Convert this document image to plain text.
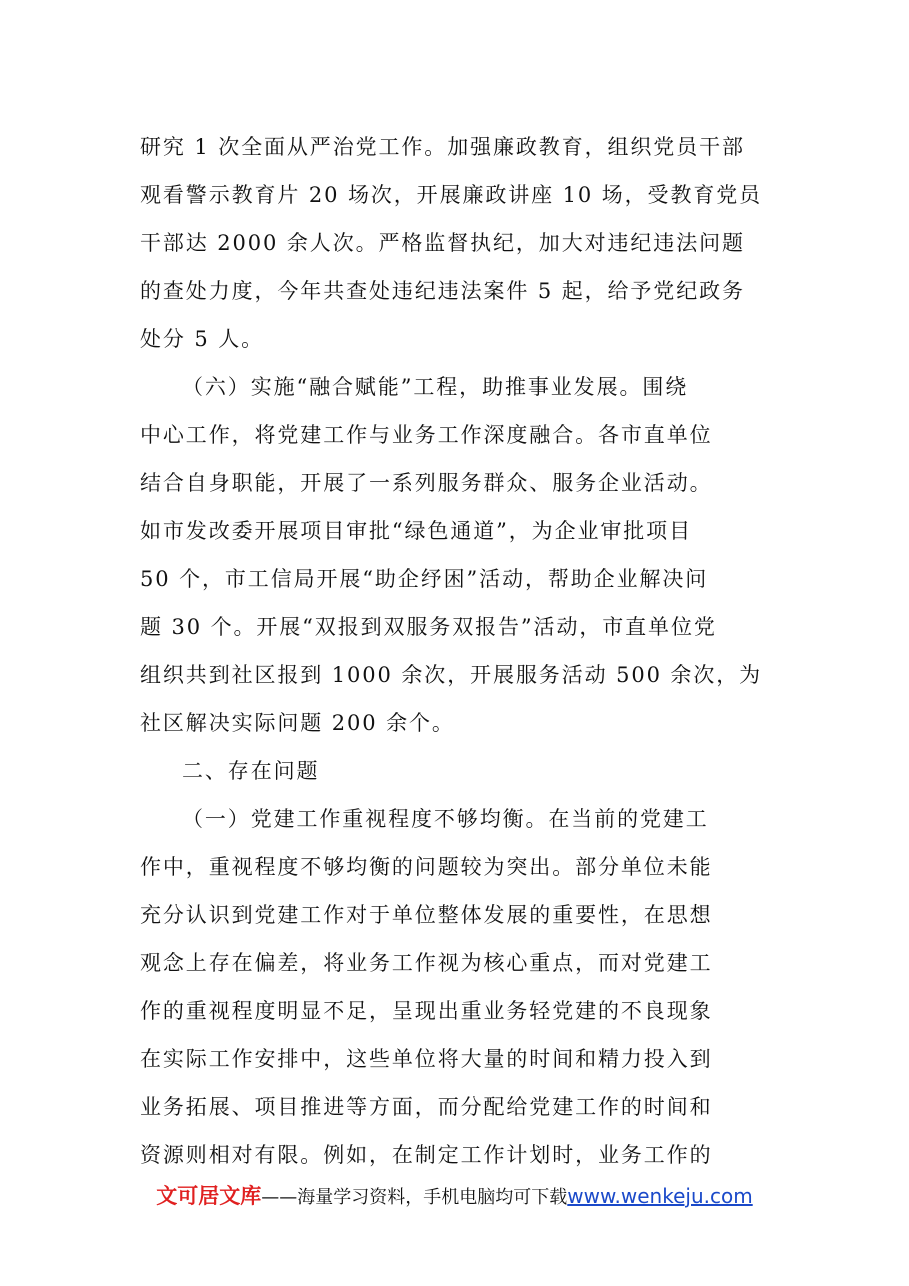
研究 1 次全面从严治党工作。加强廉政教育，组织党员干部
观看警示教育片 20 场次，开展廉政讲座 10 场，受教育党员
干部达 2000 余人次。严格监督执纪，加大对违纪违法问题
的查处力度，今年共查处违纪违法案件 5 起，给予党纪政务
处分 5 人。
（六）实施“融合赋能”工程，助推事业发展。围绕
中心工作，将党建工作与业务工作深度融合。各市直单位
结合自身职能，开展了一系列服务群众、服务企业活动。
如市发改委开展项目审批“绿色通道”，为企业审批项目
50 个，市工信局开展“助企纾困”活动，帮助企业解决问
题 30 个。开展“双报到双服务双报告”活动，市直单位党
组织共到社区报到 1000 余次，开展服务活动 500 余次，为
社区解决实际问题 200 余个。
二、存在问题
（一）党建工作重视程度不够均衡。在当前的党建工
作中，重视程度不够均衡的问题较为突出。部分单位未能
充分认识到党建工作对于单位整体发展的重要性，在思想
观念上存在偏差，将业务工作视为核心重点，而对党建工
作的重视程度明显不足，呈现出重业务轻党建的不良现象
在实际工作安排中，这些单位将大量的时间和精力投入到
业务拓展、项目推进等方面，而分配给党建工作的时间和
资源则相对有限。例如，在制定工作计划时，业务工作的
文可居文库——海量学习资料，手机电脑均可下载www.wenkeju.com
